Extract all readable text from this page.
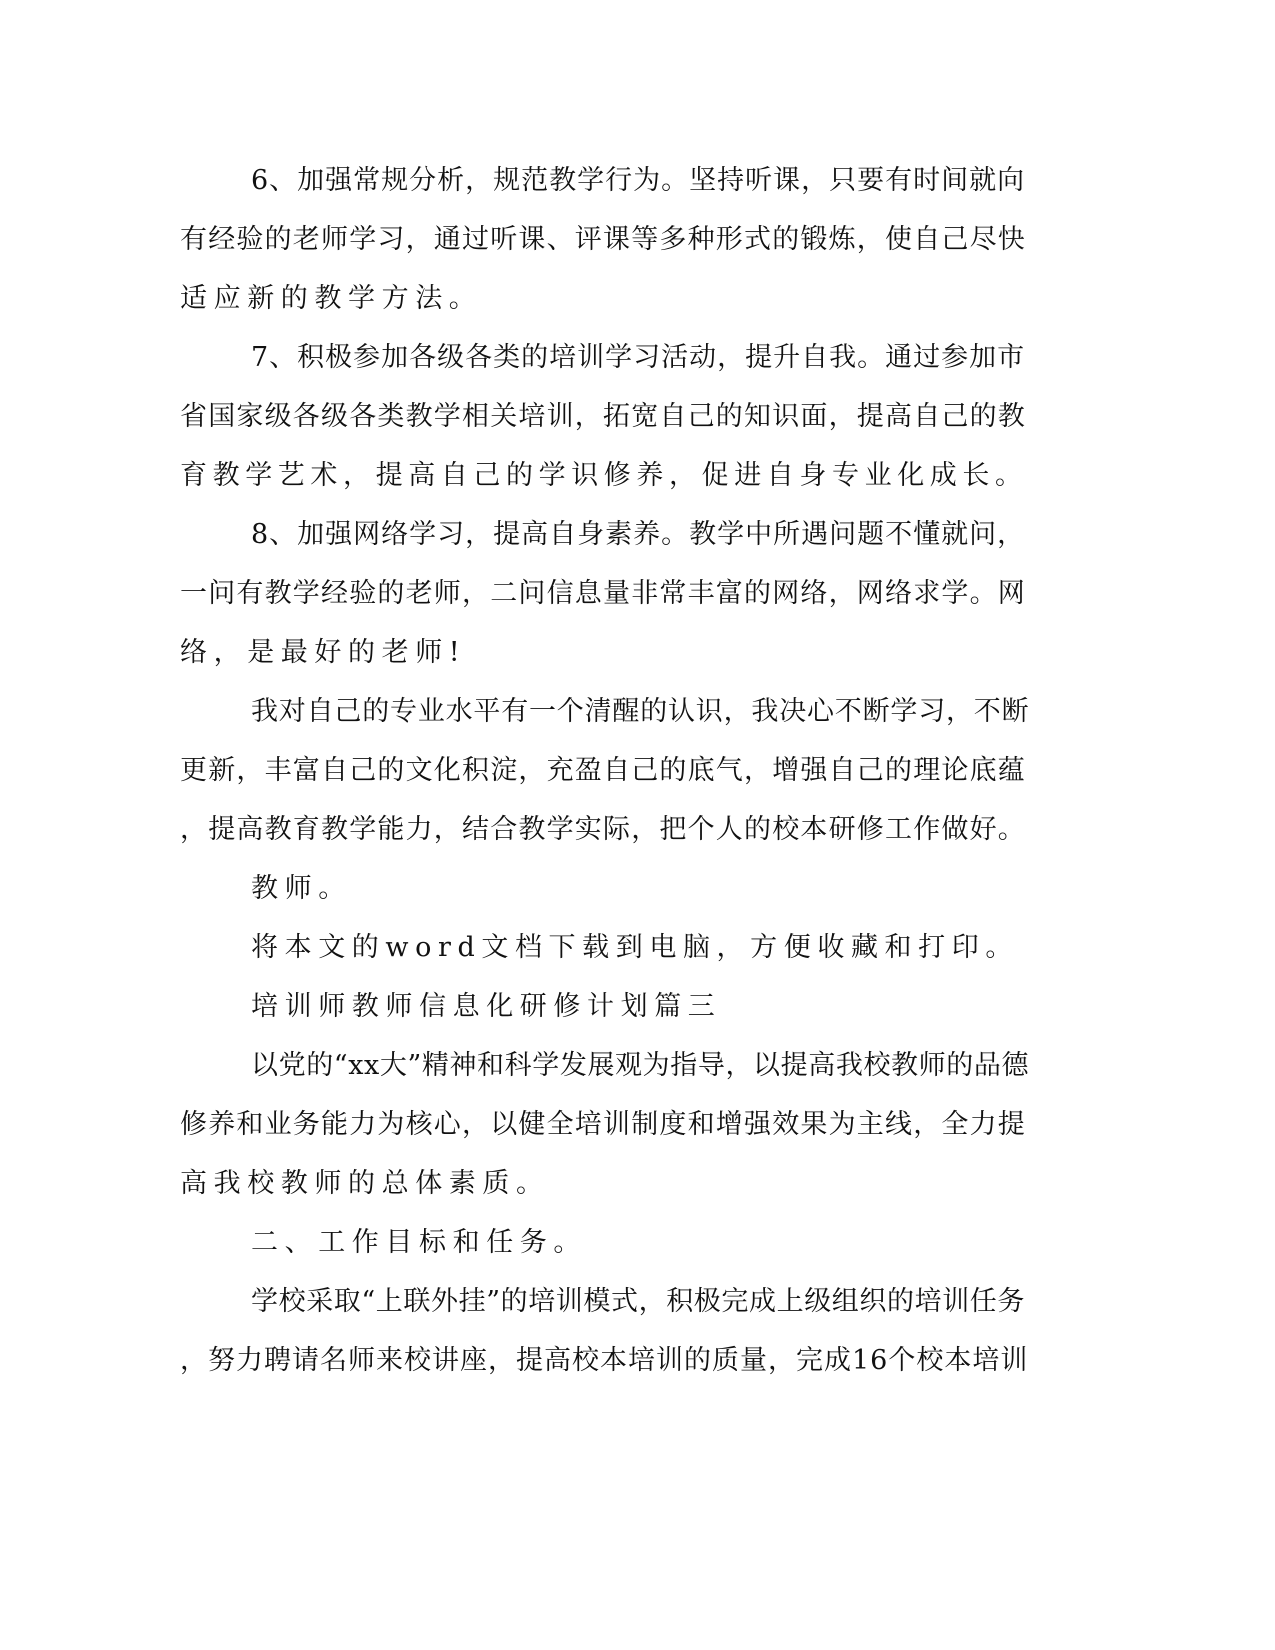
6、加强常规分析，规范教学行为。坚持听课，只要有时间就向
有经验的老师学习，通过听课、评课等多种形式的锻炼，使自己尽快
适应新的教学方法。
7、积极参加各级各类的培训学习活动，提升自我。通过参加市
省国家级各级各类教学相关培训，拓宽自己的知识面，提高自己的教
育教学艺术，提高自己的学识修养，促进自身专业化成长。
8、加强网络学习，提高自身素养。教学中所遇问题不懂就问，
一问有教学经验的老师，二问信息量非常丰富的网络，网络求学。网
络，是最好的老师!
我对自己的专业水平有一个清醒的认识，我决心不断学习，不断
更新，丰富自己的文化积淀，充盈自己的底气，增强自己的理论底蕴
，提高教育教学能力，结合教学实际，把个人的校本研修工作做好。
教师。
将本文的word文档下载到电脑，方便收藏和打印。
培训师教师信息化研修计划篇三
以党的“xx大”精神和科学发展观为指导，以提高我校教师的品德
修养和业务能力为核心，以健全培训制度和增强效果为主线，全力提
高我校教师的总体素质。
二、工作目标和任务。
学校采取“上联外挂”的培训模式，积极完成上级组织的培训任务
，努力聘请名师来校讲座，提高校本培训的质量，完成16个校本培训
